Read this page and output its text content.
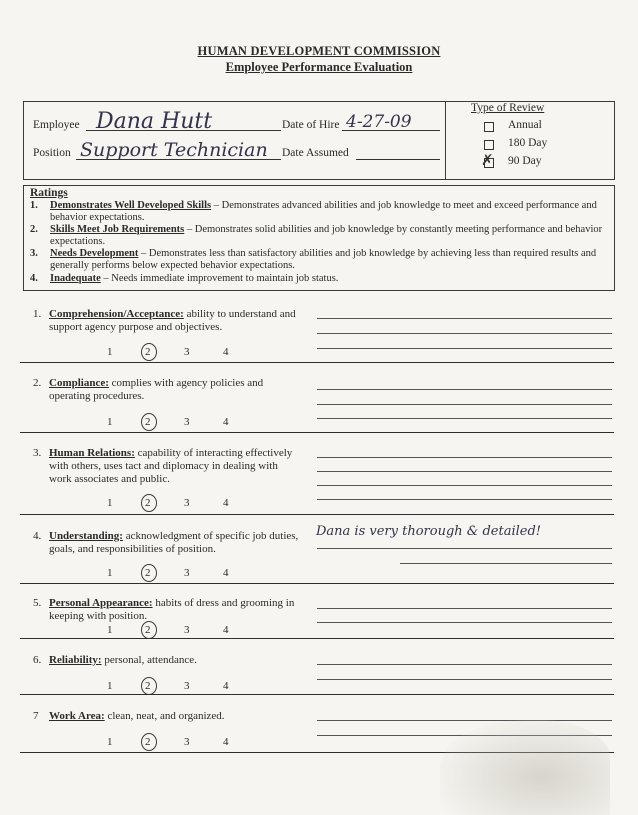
HUMAN DEVELOPMENT COMMISSION
Employee Performance Evaluation
Employee Dana Hutt	Date of Hire 4-27-09
Position Support Technician Date Assumed
Type of Review
Annual
180 Day
✗ 90 Day
Ratings
1. Demonstrates Well Developed Skills – Demonstrates advanced abilities and job knowledge to meet and exceed performance and behavior expectations.
2. Skills Meet Job Requirements – Demonstrates solid abilities and job knowledge by constantly meeting performance and behavior expectations.
3. Needs Development – Demonstrates less than satisfactory abilities and job knowledge by achieving less than required results and generally performs below expected behavior expectations.
4. Inadequate – Needs immediate improvement to maintain job status.
1. Comprehension/Acceptance: ability to understand and support agency purpose and objectives.
1	2	3	4
2. Compliance: complies with agency policies and operating procedures.
1	2	3	4
3. Human Relations: capability of interacting effectively with others, uses tact and diplomacy in dealing with work associates and public.
1	2	3	4
4. Understanding: acknowledgment of specific job duties, goals, and responsibilities of position.
Dana is very thorough & detailed!
1	2	3	4
5. Personal Appearance: habits of dress and grooming in keeping with position.
1	2	3	4
6. Reliability: personal, attendance.
1	2	3	4
7 Work Area: clean, neat, and organized.
1	2	3	4
